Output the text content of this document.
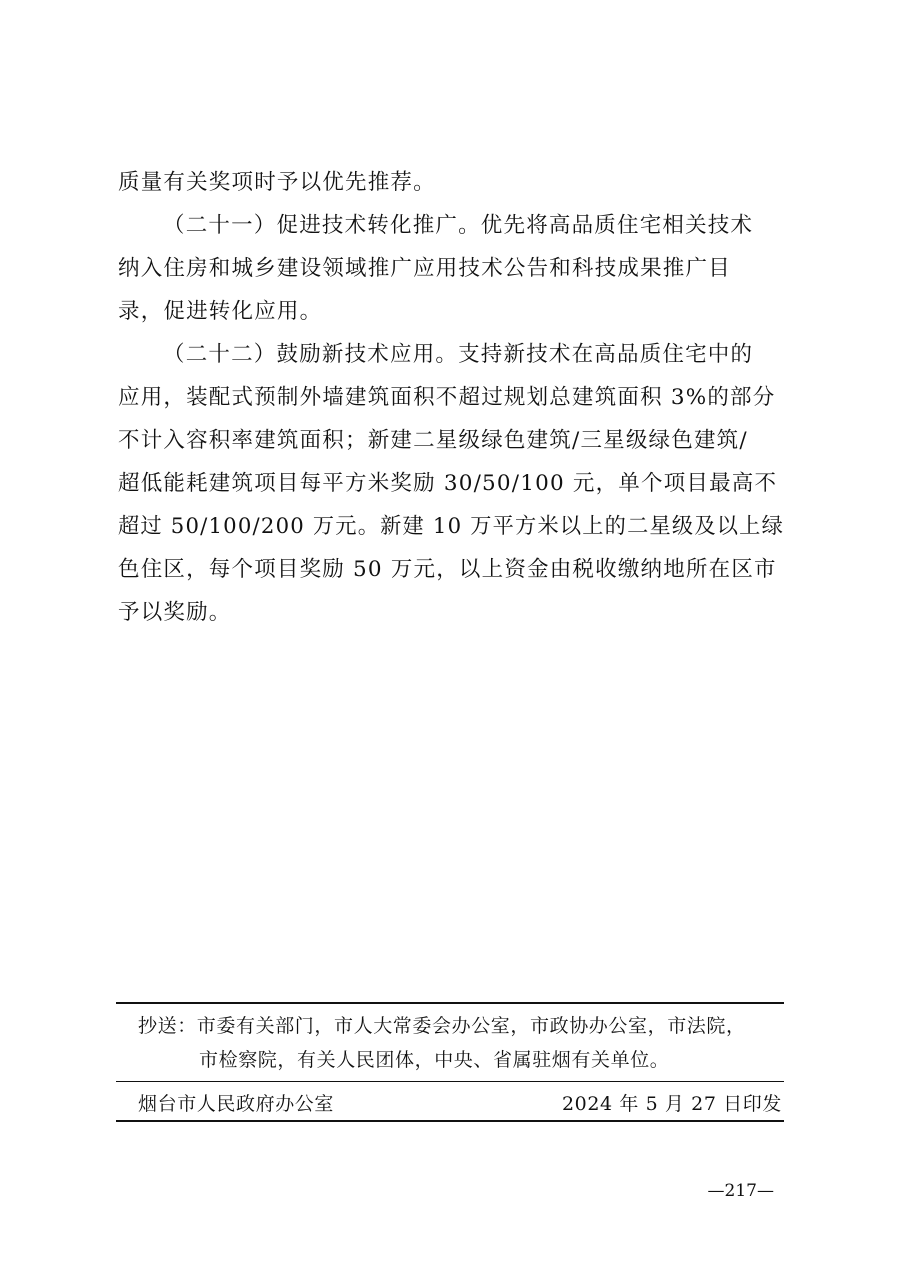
质量有关奖项时予以优先推荐。
（二十一）促进技术转化推广。优先将高品质住宅相关技术
纳入住房和城乡建设领域推广应用技术公告和科技成果推广目
录，促进转化应用。
（二十二）鼓励新技术应用。支持新技术在高品质住宅中的
应用，装配式预制外墙建筑面积不超过规划总建筑面积 3%的部分
不计入容积率建筑面积；新建二星级绿色建筑/三星级绿色建筑/
超低能耗建筑项目每平方米奖励 30/50/100 元，单个项目最高不
超过 50/100/200 万元。新建 10 万平方米以上的二星级及以上绿
色住区，每个项目奖励 50 万元，以上资金由税收缴纳地所在区市
予以奖励。
抄送：市委有关部门，市人大常委会办公室，市政协办公室，市法院，
市检察院，有关人民团体，中央、省属驻烟有关单位。
烟台市人民政府办公室	2024 年 5 月 27 日印发
—217—
